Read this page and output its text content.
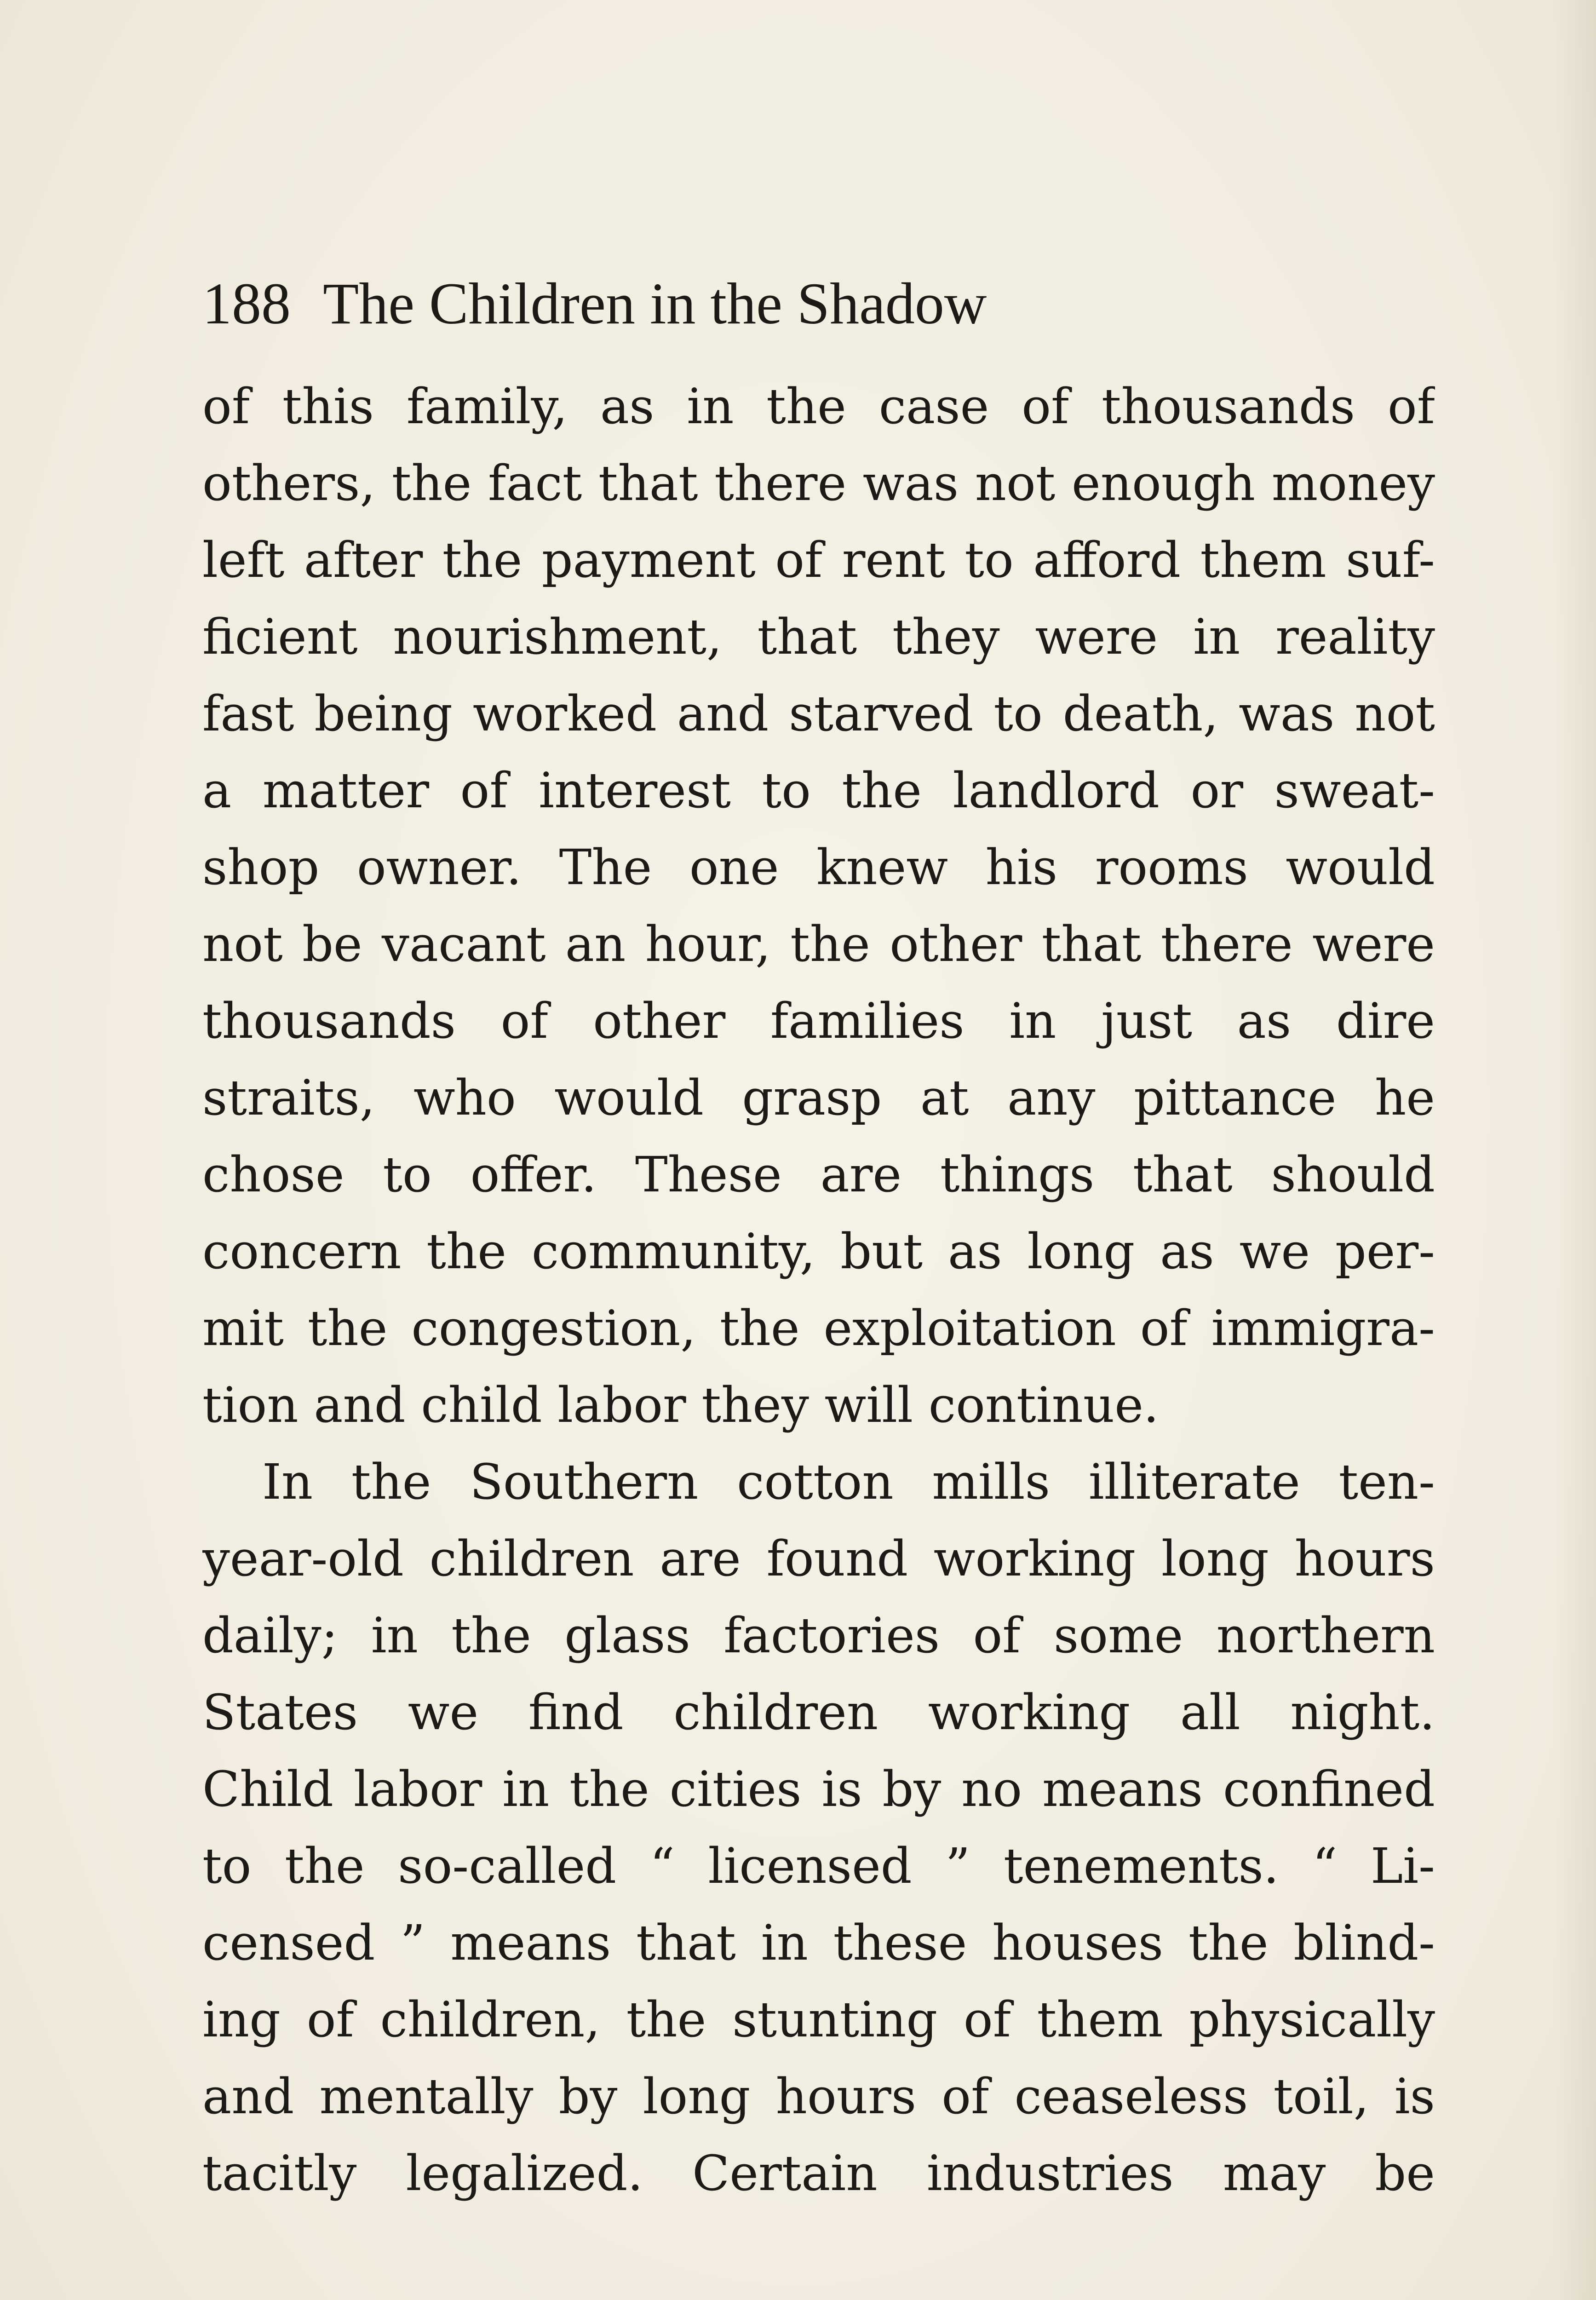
188 The Children in the Shadow
of this family, as in the case of thousands of
others, the fact that there was not enough money
left after the payment of rent to afford them suf-
ficient nourishment, that they were in reality
fast being worked and starved to death, was not
a matter of interest to the landlord or sweat-
shop owner. The one knew his rooms would
not be vacant an hour, the other that there were
thousands of other families in just as dire
straits, who would grasp at any pittance he
chose to offer. These are things that should
concern the community, but as long as we per-
mit the congestion, the exploitation of immigra-
tion and child labor they will continue.
In the Southern cotton mills illiterate ten-
year-old children are found working long hours
daily; in the glass factories of some northern
States we find children working all night.
Child labor in the cities is by no means confined
to the so-called “ licensed ” tenements. “ Li-
censed ” means that in these houses the blind-
ing of children, the stunting of them physically
and mentally by long hours of ceaseless toil, is
tacitly legalized. Certain industries may be
